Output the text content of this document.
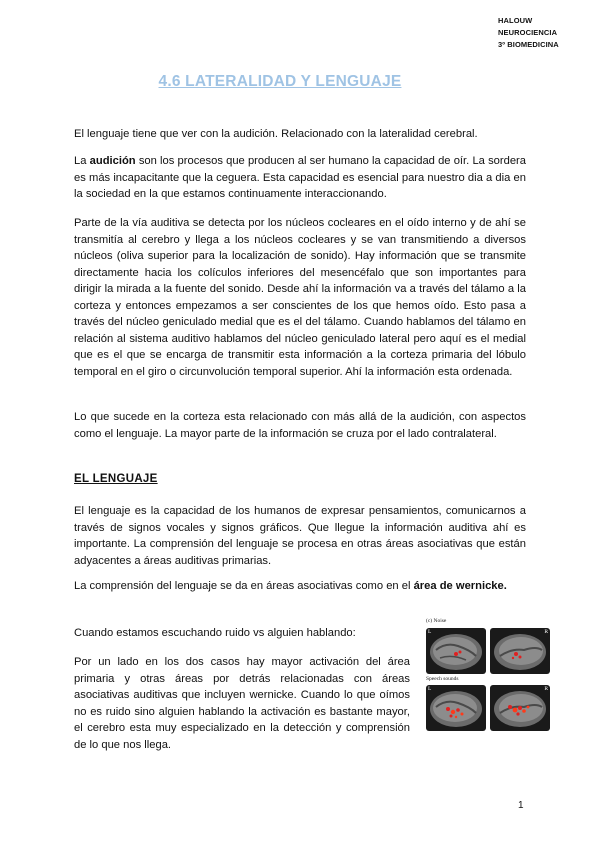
HALOUW
NEUROCIENCIA
3º BIOMEDICINA
4.6 LATERALIDAD Y LENGUAJE
El lenguaje tiene que ver con la audición. Relacionado con la lateralidad cerebral.
La audición son los procesos que producen al ser humano la capacidad de oír. La sordera es más incapacitante que la ceguera. Esta capacidad es esencial para nuestro dia a dia en la sociedad en la que estamos continuamente interaccionando.
Parte de la vía auditiva se detecta por los núcleos cocleares en el oído interno y de ahí se transmitía al cerebro y llega a los núcleos cocleares y se van transmitiendo a diversos núcleos (oliva superior para la localización de sonido). Hay información que se transmite directamente hacia los colículos inferiores del mesencéfalo que son importantes para dirigir la mirada a la fuente del sonido. Desde ahí la información va a través del tálamo a la corteza y entonces empezamos a ser conscientes de los que hemos oído. Esto pasa a través del núcleo geniculado medial que es el del tálamo. Cuando hablamos del tálamo en relación al sistema auditivo hablamos del núcleo geniculado lateral pero aquí es el medial que es el que se encarga de transmitir esta información a la corteza primaria del lóbulo temporal en el giro o circunvolución temporal superior. Ahí la información esta ordenada.
Lo que sucede en la corteza esta relacionado con más allá de la audición, con aspectos como el lenguaje. La mayor parte de la información se cruza por el lado contralateral.
EL LENGUAJE
El lenguaje es la capacidad de los humanos de expresar pensamientos, comunicarnos a través de signos vocales y signos gráficos. Que llegue la información auditiva ahí es importante. La comprensión del lenguaje se procesa en otras áreas asociativas que están adyacentes a áreas auditivas primarias.
La comprensión del lenguaje se da en áreas asociativas como en el área de wernicke.
Cuando estamos escuchando ruido vs alguien hablando:
Por un lado en los dos casos hay mayor activación del área primaria y otras áreas por detrás relacionadas con áreas asociativas auditivas que incluyen wernicke. Cuando lo que oímos no es ruido sino alguien hablando la activación es bastante mayor, el cerebro esta muy especializado en la detección y comprensión de lo que nos llega.
(c) Noise
L	R
Speech sounds
L	R
1
